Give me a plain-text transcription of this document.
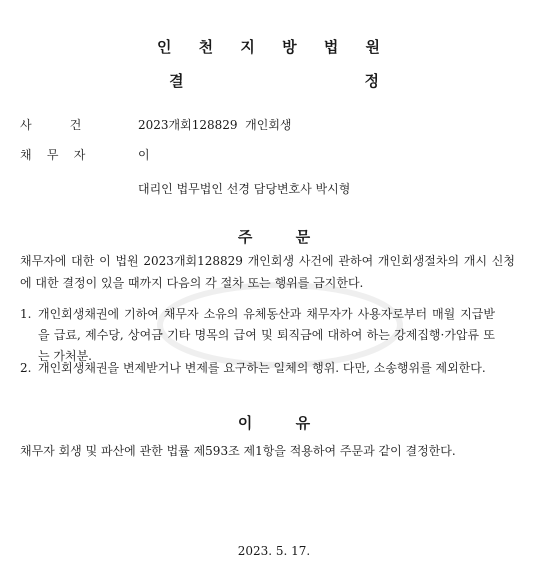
인 천 지 방 법 원
결    정
사          건	2023개회128829  개인회생
채    무    자	이
대리인 법무법인 선경 담당변호사 박시형
주 문
채무자에 대한 이 법원 2023개회128829 개인회생 사건에 관하여 개인회생절차의 개시 신청에 대한 결정이 있을 때까지 다음의 각 절차 또는 행위를 금지한다.
1. 개인회생채권에 기하여 채무자 소유의 유체동산과 채무자가 사용자로부터 매월 지급받을 급료, 제수당, 상여금 기타 명목의 급여 및 퇴직금에 대하여 하는 강제집행·가압류 또는 가처분.
2. 개인회생채권을 변제받거나 변제를 요구하는 일체의 행위. 다만, 소송행위를 제외한다.
이 유
채무자 회생 및 파산에 관한 법률 제593조 제1항을 적용하여 주문과 같이 결정한다.
2023. 5. 17.
